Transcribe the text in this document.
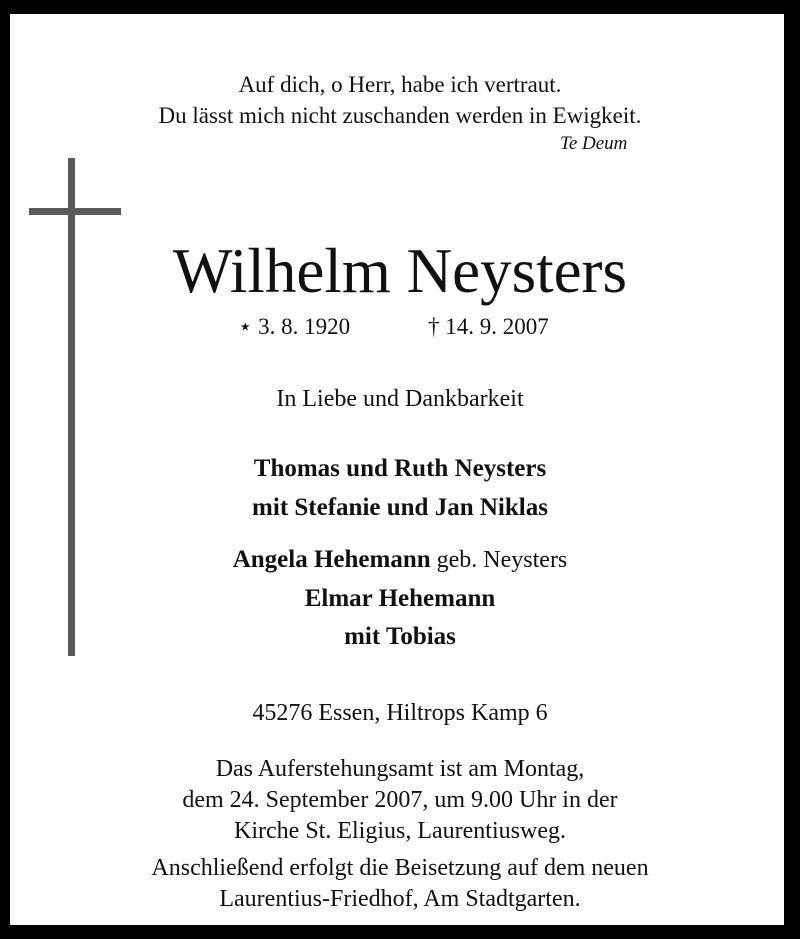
Auf dich, o Herr, habe ich vertraut.
Du lässt mich nicht zuschanden werden in Ewigkeit.
Te Deum
Wilhelm Neysters
⋆ 3. 8. 1920	† 14. 9. 2007
In Liebe und Dankbarkeit
Thomas und Ruth Neysters
mit Stefanie und Jan Niklas
Angela Hehemann geb. Neysters
Elmar Hehemann
mit Tobias
45276 Essen, Hiltrops Kamp 6
Das Auferstehungsamt ist am Montag,
dem 24. September 2007, um 9.00 Uhr in der
Kirche St. Eligius, Laurentiusweg.
Anschließend erfolgt die Beisetzung auf dem neuen
Laurentius-Friedhof, Am Stadtgarten.
